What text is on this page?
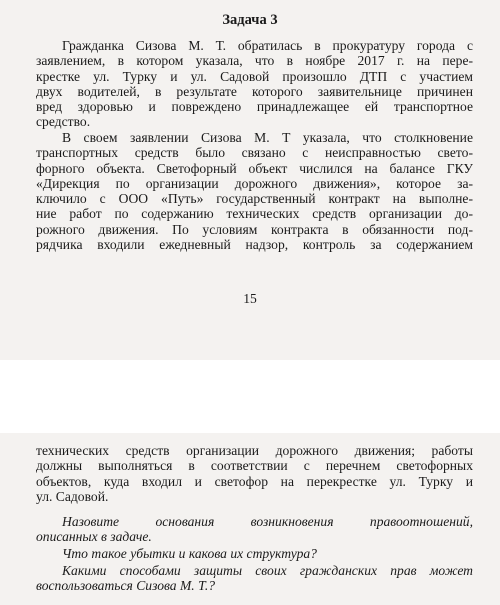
Задача 3
Гражданка Сизова М. Т. обратилась в прокуратуру города с
заявлением, в котором указала, что в ноябре 2017 г. на пере-
крестке ул. Турку и ул. Садовой произошло ДТП с участием
двух водителей, в результате которого заявительнице причинен
вред здоровью и повреждено принадлежащее ей транспортное
средство.
В своем заявлении Сизова М. Т указала, что столкновение
транспортных средств было связано с неисправностью свето-
форного объекта. Светофорный объект числился на балансе ГКУ
«Дирекция по организации дорожного движения», которое за-
ключило с ООО «Путь» государственный контракт на выполне-
ние работ по содержанию технических средств организации до-
рожного движения. По условиям контракта в обязанности под-
рядчика входили ежедневный надзор, контроль за содержанием
15
технических средств организации дорожного движения; работы
должны выполняться в соответствии с перечнем светофорных
объектов, куда входил и светофор на перекрестке ул. Турку и
ул. Садовой.
Назовите основания возникновения правоотношений,
описанных в задаче.
Что такое убытки и какова их структура?
Какими способами защиты своих гражданских прав может
воспользоваться Сизова М. Т.?
